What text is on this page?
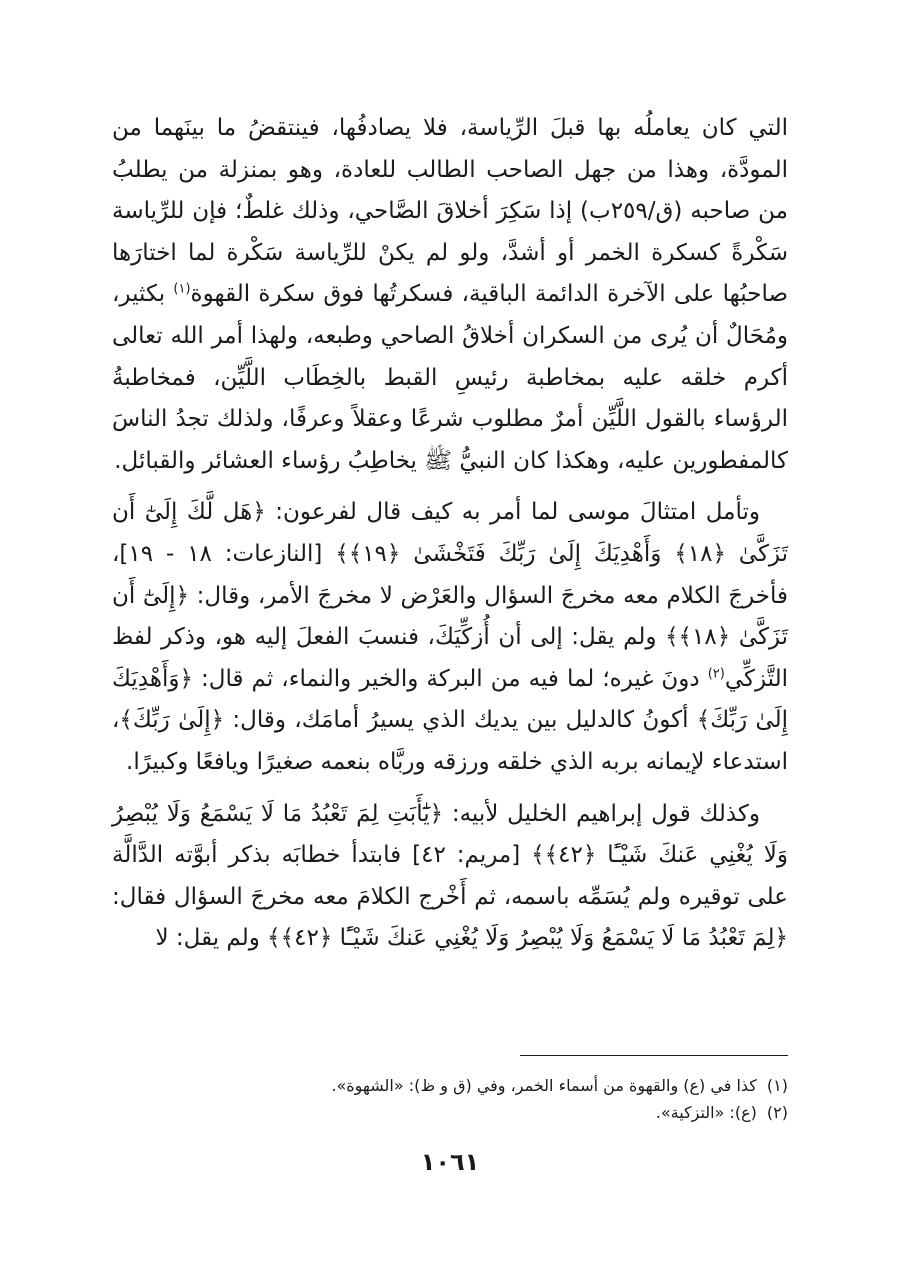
التي كان يعاملُه بها قبلَ الرِّياسة، فلا يصادفُها، فينتقضُ ما بينَهما من المودَّة، وهذا من جهل الصاحب الطالب للعادة، وهو بمنزلة من يطلبُ من صاحبه (ق/٢٥٩ب) إذا سَكِرَ أخلاقَ الصَّاحي، وذلك غلطٌ؛ فإن للرِّياسة سَكْرةً كسكرة الخمر أو أشدَّ، ولو لم يكنْ للرِّياسة سَكْرة لما اختارَها صاحبُها على الآخرة الدائمة الباقية، فسكرتُها فوق سكرة القهوة$^{(١)}$ بكثير، ومُحَالٌ أن يُرى من السكران أخلاقُ الصاحي وطبعه، ولهذا أمر الله تعالى أكرم خلقه عليه بمخاطبة رئيسِ القبط بالخِطَاب اللَّيِّن، فمخاطبةُ الرؤساء بالقول اللَّيِّن أمرٌ مطلوب شرعًا وعقلاً وعرفًا، ولذلك تجدُ الناسَ كالمفطورين عليه، وهكذا كان النبيُّ ﷺ يخاطِبُ رؤساء العشائر والقبائل.

وتأمل امتثالَ موسى لما أمر به كيف قال لفرعون: ﴿هَل لَّكَ إِلَىٰٓ أَن تَزَكَّىٰ ﴿١٨﴾ وَأَهْدِيَكَ إِلَىٰ رَبِّكَ فَتَخْشَىٰ ﴿١٩﴾﴾ [النازعات: ١٨ - ١٩]، فأخرجَ الكلام معه مخرجَ السؤال والعَرْض لا مخرجَ الأمر، وقال: ﴿إِلَىٰٓ أَن تَزَكَّىٰ ﴿١٨﴾﴾ ولم يقل: إلى أن أُزكِّيَكَ، فنسبَ الفعلَ إليه هو، وذكر لفظ التَّزكِّي$^{(٢)}$ دونَ غيره؛ لما فيه من البركة والخير والنماء، ثم قال: ﴿وَأَهْدِيَكَ إِلَىٰ رَبِّكَ﴾ أكونُ كالدليل بين يديك الذي يسيرُ أمامَك، وقال: ﴿إِلَىٰ رَبِّكَ﴾، استدعاء لإيمانه بربه الذي خلقه ورزقه وربَّاه بنعمه صغيرًا ويافعًا وكبيرًا.

وكذلك قول إبراهيم الخليل لأبيه: ﴿يَٰٓأَبَتِ لِمَ تَعْبُدُ مَا لَا يَسْمَعُ وَلَا يُبْصِرُ وَلَا يُغْنِي عَنكَ شَيْـًٔا ﴿٤٢﴾﴾ [مريم: ٤٢] فابتدأ خطابَه بذكر أبوَّته الدَّالَّة على توقيره ولم يُسَمِّه باسمه، ثم أَخْرج الكلامَ معه مخرجَ السؤال فقال: ﴿لِمَ تَعْبُدُ مَا لَا يَسْمَعُ وَلَا يُبْصِرُ وَلَا يُغْنِي عَنكَ شَيْـًٔا ﴿٤٢﴾﴾ ولم يقل: لا

(١)كذا في (ع) والقهوة من أسماء الخمر، وفي (ق و ظ): «الشهوة».

(٢)(ع): «التزكية».

١٠٦١
